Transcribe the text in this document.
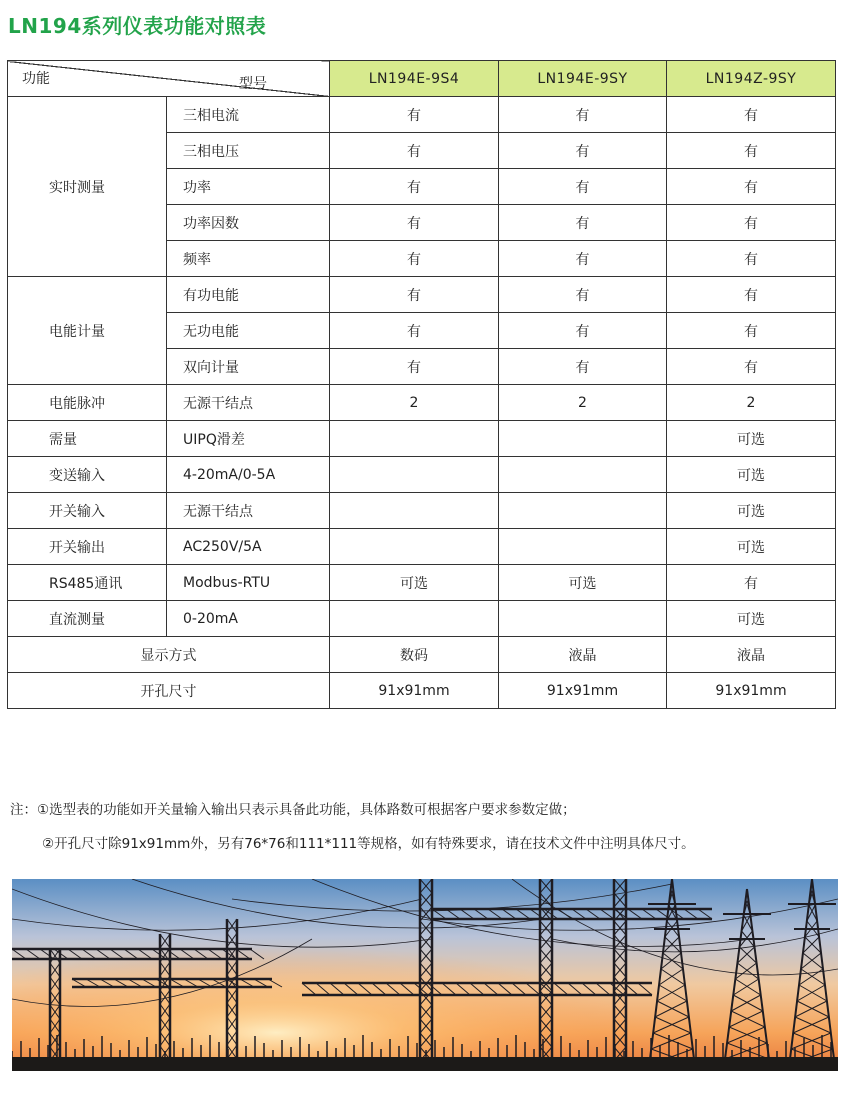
LN194系列仪表功能对照表
型号
功能		LN194E-9S4	LN194E-9SY	LN194Z-9SY
实时测量	三相电流	有	有	有
	三相电压	有	有	有
	功率	有	有	有
	功率因数	有	有	有
	频率	有	有	有
电能计量	有功电能	有	有	有
	无功电能	有	有	有
	双向计量	有	有	有
电能脉冲	无源干结点	2	2	2
需量	UIPQ滑差			可选
变送输入	4-20mA/0-5A			可选
开关输入	无源干结点			可选
开关输出	AC250V/5A			可选
RS485通讯	Modbus-RTU	可选	可选	有
直流测量	0-20mA			可选
显示方式		数码	液晶	液晶
开孔尺寸		91x91mm	91x91mm	91x91mm
注：①选型表的功能如开关量输入输出只表示具备此功能，具体路数可根据客户要求参数定做；
②开孔尺寸除91x91mm外，另有76*76和111*111等规格，如有特殊要求，请在技术文件中注明具体尺寸。
